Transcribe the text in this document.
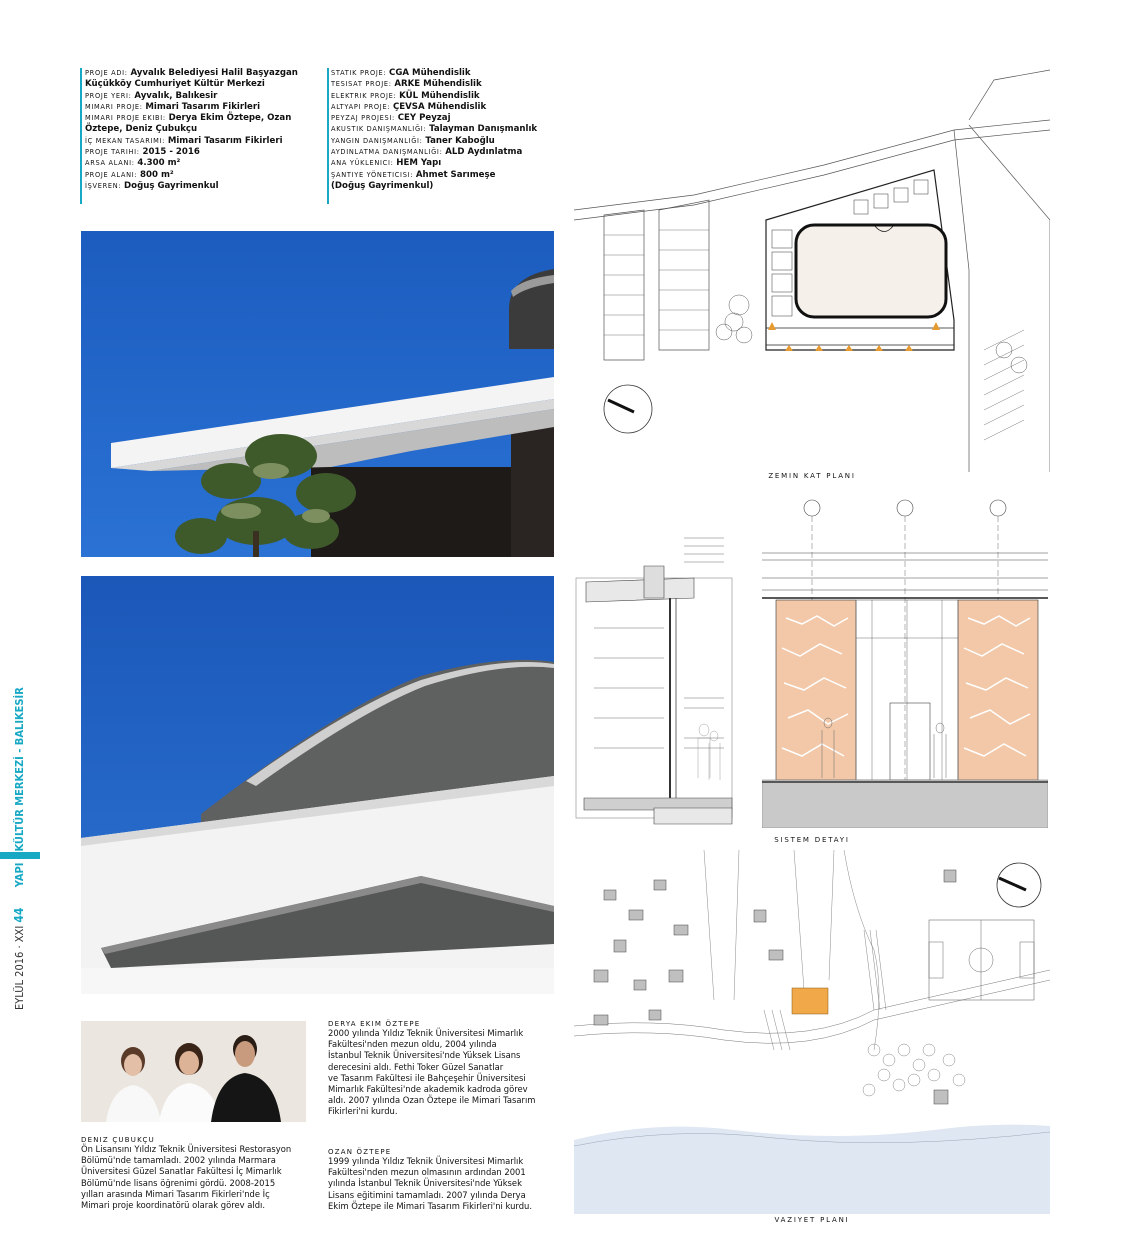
PROJE ADI: Ayvalık Belediyesi Halil Başyazgan
Küçükköy Cumhuriyet Kültür Merkezi
PROJE YERI: Ayvalık, Balıkesir
MIMARI PROJE: Mimari Tasarım Fikirleri
MIMARI PROJE EKIBI: Derya Ekim Öztepe, Ozan
Öztepe, Deniz Çubukçu
İÇ MEKAN TASARIMI: Mimari Tasarım Fikirleri
PROJE TARIHI: 2015 - 2016
ARSA ALANI: 4.300 m²
PROJE ALANI: 800 m²
İŞVEREN: Doğuş Gayrimenkul
STATIK PROJE: CGA Mühendislik
TESISAT PROJE: ARKE Mühendislik
ELEKTRIK PROJE: KÜL Mühendislik
ALTYAPI PROJE: ÇEVSA Mühendislik
PEYZAJ PROJESI: CEY Peyzaj
AKUSTIK DANIŞMANLIĞI: Talayman Danışmanlık
YANGIN DANIŞMANLIĞI: Taner Kaboğlu
AYDINLATMA DANIŞMANLIĞI: ALD Aydınlatma
ANA YÜKLENICI: HEM Yapı
ŞANTIYE YÖNETICISI: Ahmet Sarımeşe
(Doğuş Gayrimenkul)
ZEMIN KAT PLANI
SISTEM DETAYI
VAZIYET PLANI
DERYA EKIM ÖZTEPE
2000 yılında Yıldız Teknik Üniversitesi Mimarlık
Fakültesi'nden mezun oldu, 2004 yılında
İstanbul Teknik Üniversitesi'nde Yüksek Lisans
derecesini aldı. Fethi Toker Güzel Sanatlar
ve Tasarım Fakültesi ile Bahçeşehir Üniversitesi
Mimarlık Fakültesi'nde akademik kadroda görev
aldı. 2007 yılında Ozan Öztepe ile Mimari Tasarım
Fikirleri'ni kurdu.
OZAN ÖZTEPE
1999 yılında Yıldız Teknik Üniversitesi Mimarlık
Fakültesi'nden mezun olmasının ardından 2001
yılında İstanbul Teknik Üniversitesi'nde Yüksek
Lisans eğitimini tamamladı. 2007 yılında Derya
Ekim Öztepe ile Mimari Tasarım Fikirleri'ni kurdu.
DENIZ ÇUBUKÇU
Ön Lisansını Yıldız Teknik Üniversitesi Restorasyon
Bölümü'nde tamamladı. 2002 yılında Marmara
Üniversitesi Güzel Sanatlar Fakültesi İç Mimarlık
Bölümü'nde lisans öğrenimi gördü. 2008-2015
yılları arasında Mimari Tasarım Fikirleri'nde İç
Mimari proje koordinatörü olarak görev aldı.
EYLÜL 2016 · XXI 44  YAPI - KÜLTÜR MERKEZİ - BALIKESİR
